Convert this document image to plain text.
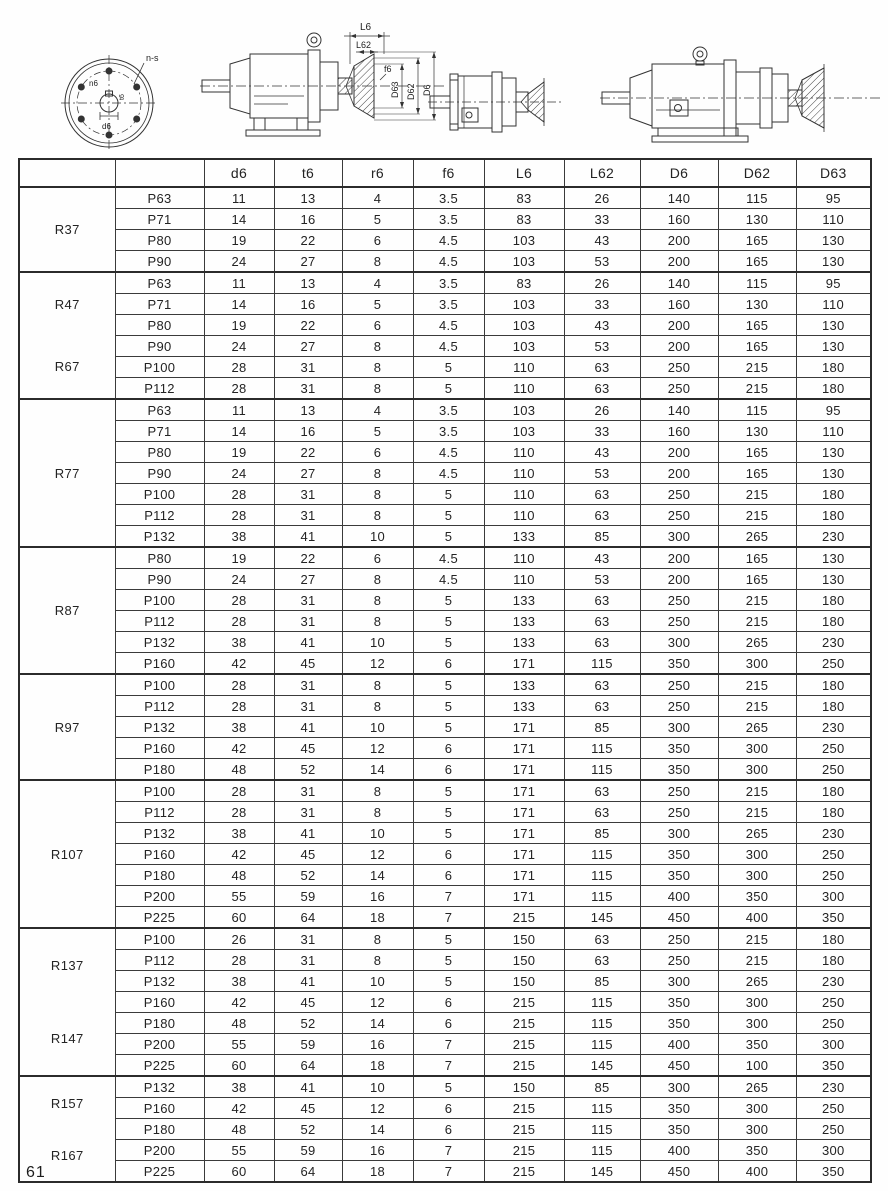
n-s
n6
d6
t6
L6
L62
f6
D63 D62 D6
		d6	t6	r6	f6	L6	L62	D6	D62	D63

R37	P63	11	13	4	3.5	83	26	140	115	95
	P71	14	16	5	3.5	83	33	160	130	110
	P80	19	22	6	4.5	103	43	200	165	130
	P90	24	27	8	4.5	103	53	200	165	130

R47
R67	P63	11	13	4	3.5	83	26	140	115	95
	P71	14	16	5	3.5	103	33	160	130	110
	P80	19	22	6	4.5	103	43	200	165	130
	P90	24	27	8	4.5	103	53	200	165	130
	P100	28	31	8	5	110	63	250	215	180
	P112	28	31	8	5	110	63	250	215	180

R77	P63	11	13	4	3.5	103	26	140	115	95
	P71	14	16	5	3.5	103	33	160	130	110
	P80	19	22	6	4.5	110	43	200	165	130
	P90	24	27	8	4.5	110	53	200	165	130
	P100	28	31	8	5	110	63	250	215	180
	P112	28	31	8	5	110	63	250	215	180
	P132	38	41	10	5	133	85	300	265	230

R87	P80	19	22	6	4.5	110	43	200	165	130
	P90	24	27	8	4.5	110	53	200	165	130
	P100	28	31	8	5	133	63	250	215	180
	P112	28	31	8	5	133	63	250	215	180
	P132	38	41	10	5	133	63	300	265	230
	P160	42	45	12	6	171	115	350	300	250

R97	P100	28	31	8	5	133	63	250	215	180
	P112	28	31	8	5	133	63	250	215	180
	P132	38	41	10	5	171	85	300	265	230
	P160	42	45	12	6	171	115	350	300	250
	P180	48	52	14	6	171	115	350	300	250

R107	P100	28	31	8	5	171	63	250	215	180
	P112	28	31	8	5	171	63	250	215	180
	P132	38	41	10	5	171	85	300	265	230
	P160	42	45	12	6	171	115	350	300	250
	P180	48	52	14	6	171	115	350	300	250
	P200	55	59	16	7	171	115	400	350	300
	P225	60	64	18	7	215	145	450	400	350

R137
R147	P100	26	31	8	5	150	63	250	215	180
	P112	28	31	8	5	150	63	250	215	180
	P132	38	41	10	5	150	85	300	265	230
	P160	42	45	12	6	215	115	350	300	250
	P180	48	52	14	6	215	115	350	300	250
	P200	55	59	16	7	215	115	400	350	300
	P225	60	64	18	7	215	145	450	100	350

R157
R167	P132	38	41	10	5	150	85	300	265	230
	P160	42	45	12	6	215	115	350	300	250
	P180	48	52	14	6	215	115	350	300	250
	P200	55	59	16	7	215	115	400	350	300
	P225	60	64	18	7	215	145	450	400	350
61
